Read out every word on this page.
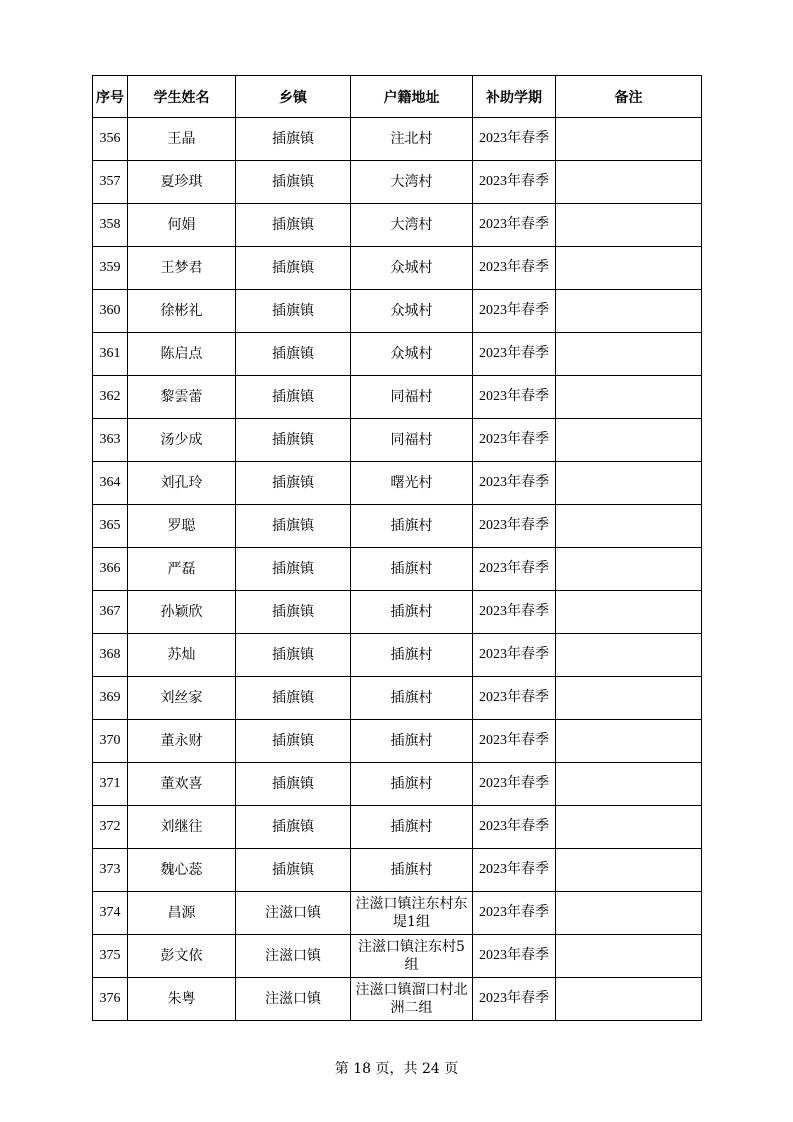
序号	学生姓名	乡镇	户籍地址	补助学期	备注
356	王晶	插旗镇	注北村	2023年春季	
357	夏珍琪	插旗镇	大湾村	2023年春季	
358	何娟	插旗镇	大湾村	2023年春季	
359	王梦君	插旗镇	众城村	2023年春季	
360	徐彬礼	插旗镇	众城村	2023年春季	
361	陈启点	插旗镇	众城村	2023年春季	
362	黎雲蕾	插旗镇	同福村	2023年春季	
363	汤少成	插旗镇	同福村	2023年春季	
364	刘孔玲	插旗镇	曙光村	2023年春季	
365	罗聪	插旗镇	插旗村	2023年春季	
366	严磊	插旗镇	插旗村	2023年春季	
367	孙颖欣	插旗镇	插旗村	2023年春季	
368	苏灿	插旗镇	插旗村	2023年春季	
369	刘丝家	插旗镇	插旗村	2023年春季	
370	董永财	插旗镇	插旗村	2023年春季	
371	董欢喜	插旗镇	插旗村	2023年春季	
372	刘继往	插旗镇	插旗村	2023年春季	
373	魏心蕊	插旗镇	插旗村	2023年春季	
374	昌源	注滋口镇	注滋口镇注东村东堤1组	2023年春季	
375	彭文依	注滋口镇	注滋口镇注东村5组	2023年春季	
376	朱粤	注滋口镇	注滋口镇溜口村北洲二组	2023年春季	
第 18 页，共 24 页
